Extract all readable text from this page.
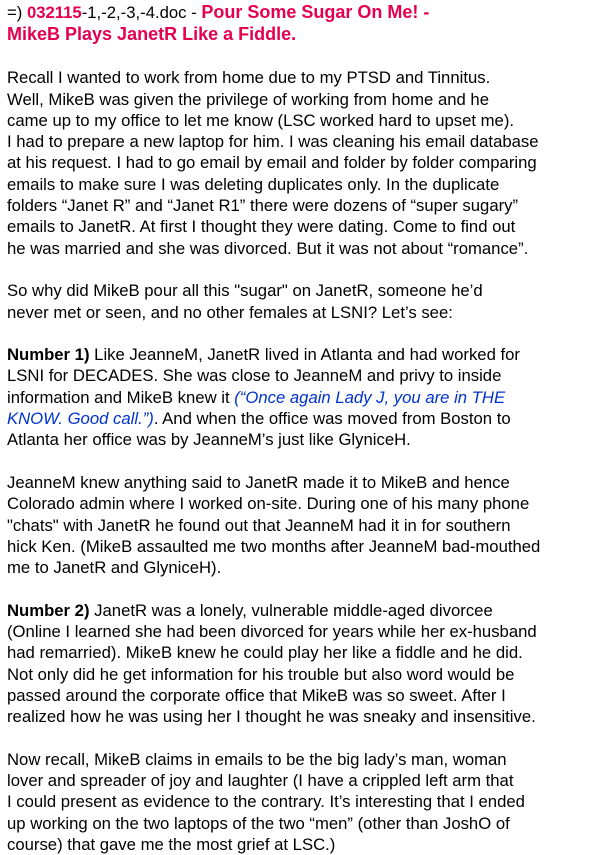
=) 032115-1,-2,-3,-4.doc - Pour Some Sugar On Me! -
MikeB Plays JanetR Like a Fiddle.
Recall I wanted to work from home due to my PTSD and Tinnitus.
Well, MikeB was given the privilege of working from home and he
came up to my office to let me know (LSC worked hard to upset me).
I had to prepare a new laptop for him. I was cleaning his email database
at his request. I had to go email by email and folder by folder comparing
emails to make sure I was deleting duplicates only. In the duplicate
folders “Janet R” and “Janet R1” there were dozens of “super sugary”
emails to JanetR. At first I thought they were dating. Come to find out
he was married and she was divorced. But it was not about “romance”.
So why did MikeB pour all this "sugar" on JanetR, someone he’d
never met or seen, and no other females at LSNI? Let’s see:
Number 1) Like JeanneM, JanetR lived in Atlanta and had worked for
LSNI for DECADES. She was close to JeanneM and privy to inside
information and MikeB knew it (“Once again Lady J, you are in THE
KNOW. Good call.”). And when the office was moved from Boston to
Atlanta her office was by JeanneM’s just like GlyniceH.
JeanneM knew anything said to JanetR made it to MikeB and hence
Colorado admin where I worked on-site. During one of his many phone
"chats" with JanetR he found out that JeanneM had it in for southern
hick Ken. (MikeB assaulted me two months after JeanneM bad-mouthed
me to JanetR and GlyniceH).
Number 2) JanetR was a lonely, vulnerable middle-aged divorcee
(Online I learned she had been divorced for years while her ex-husband
had remarried). MikeB knew he could play her like a fiddle and he did.
Not only did he get information for his trouble but also word would be
passed around the corporate office that MikeB was so sweet. After I
realized how he was using her I thought he was sneaky and insensitive.
Now recall, MikeB claims in emails to be the big lady’s man, woman
lover and spreader of joy and laughter (I have a crippled left arm that
I could present as evidence to the contrary. It’s interesting that I ended
up working on the two laptops of the two “men” (other than JoshO of
course) that gave me the most grief at LSC.)
